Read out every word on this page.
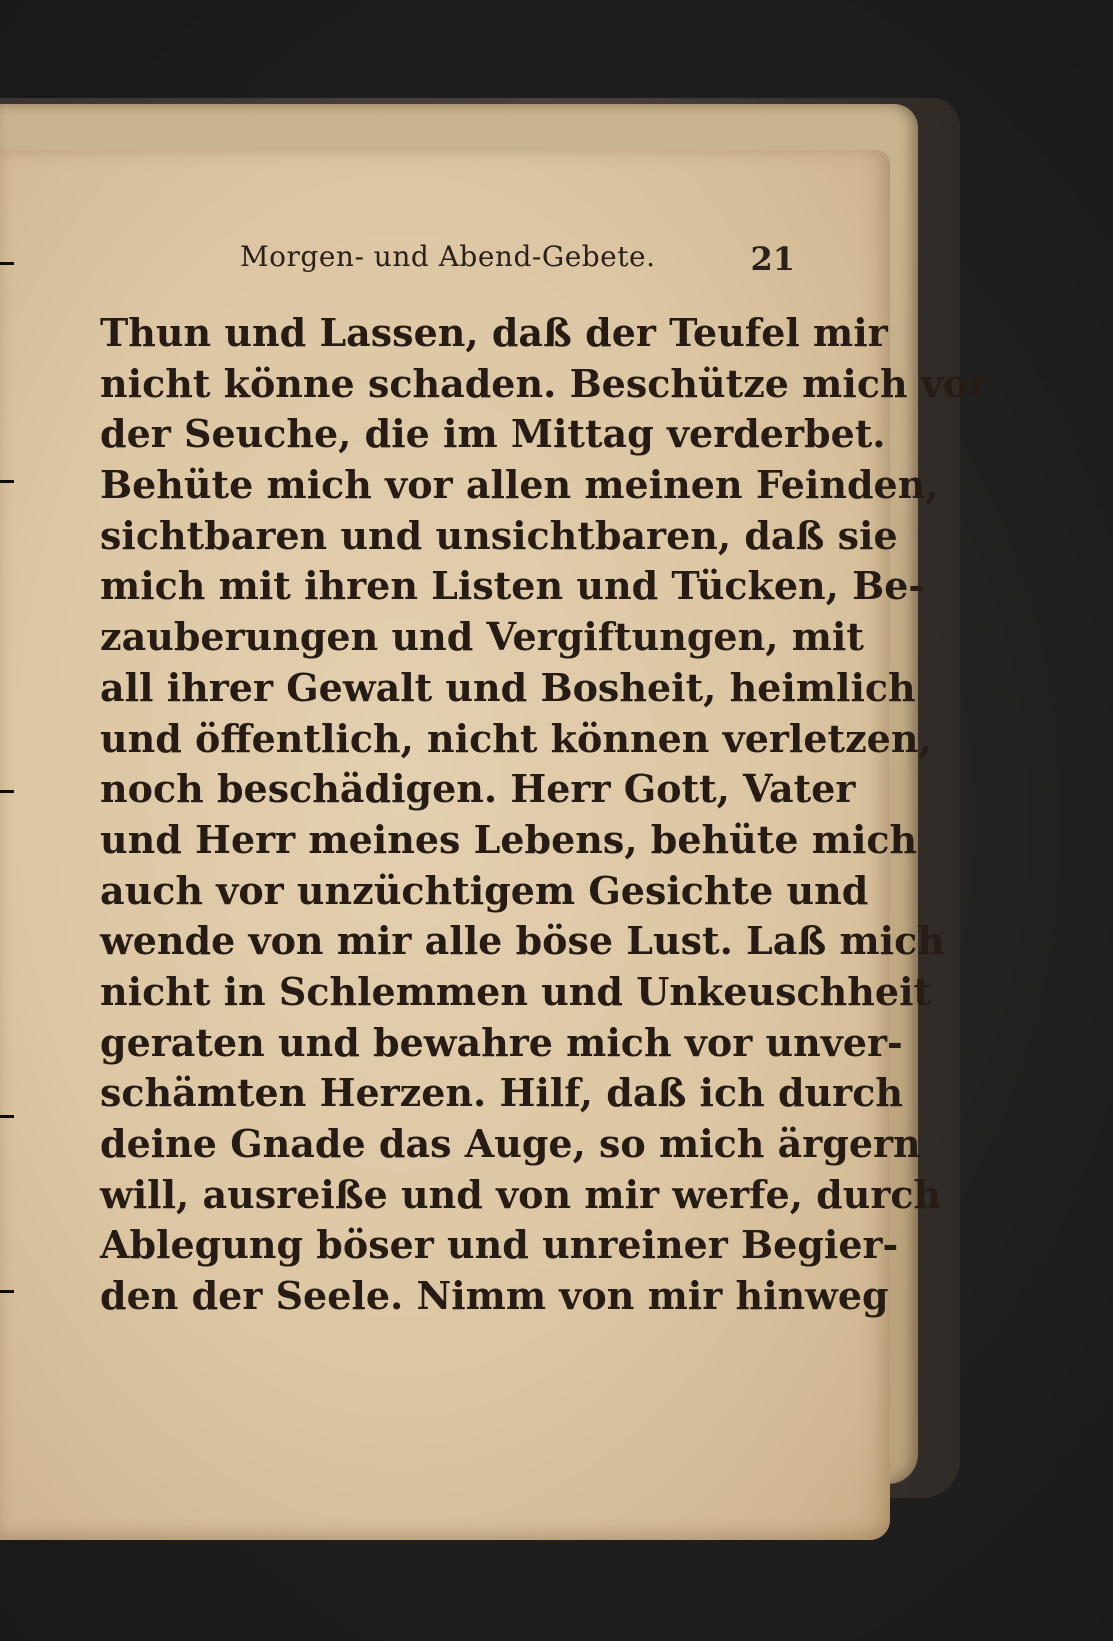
Morgen- und Abend-Gebete.	21
Thun und Lassen, daß der Teufel mir
nicht könne schaden. Beschütze mich vor
der Seuche, die im Mittag verderbet.
Behüte mich vor allen meinen Feinden,
sichtbaren und unsichtbaren, daß sie
mich mit ihren Listen und Tücken, Be-
zauberungen und Vergiftungen, mit
all ihrer Gewalt und Bosheit, heimlich
und öffentlich, nicht können verletzen,
noch beschädigen. Herr Gott, Vater
und Herr meines Lebens, behüte mich
auch vor unzüchtigem Gesichte und
wende von mir alle böse Lust. Laß mich
nicht in Schlemmen und Unkeuschheit
geraten und bewahre mich vor unver-
schämten Herzen. Hilf, daß ich durch
deine Gnade das Auge, so mich ärgern
will, ausreiße und von mir werfe, durch
Ablegung böser und unreiner Begier-
den der Seele. Nimm von mir hinweg
